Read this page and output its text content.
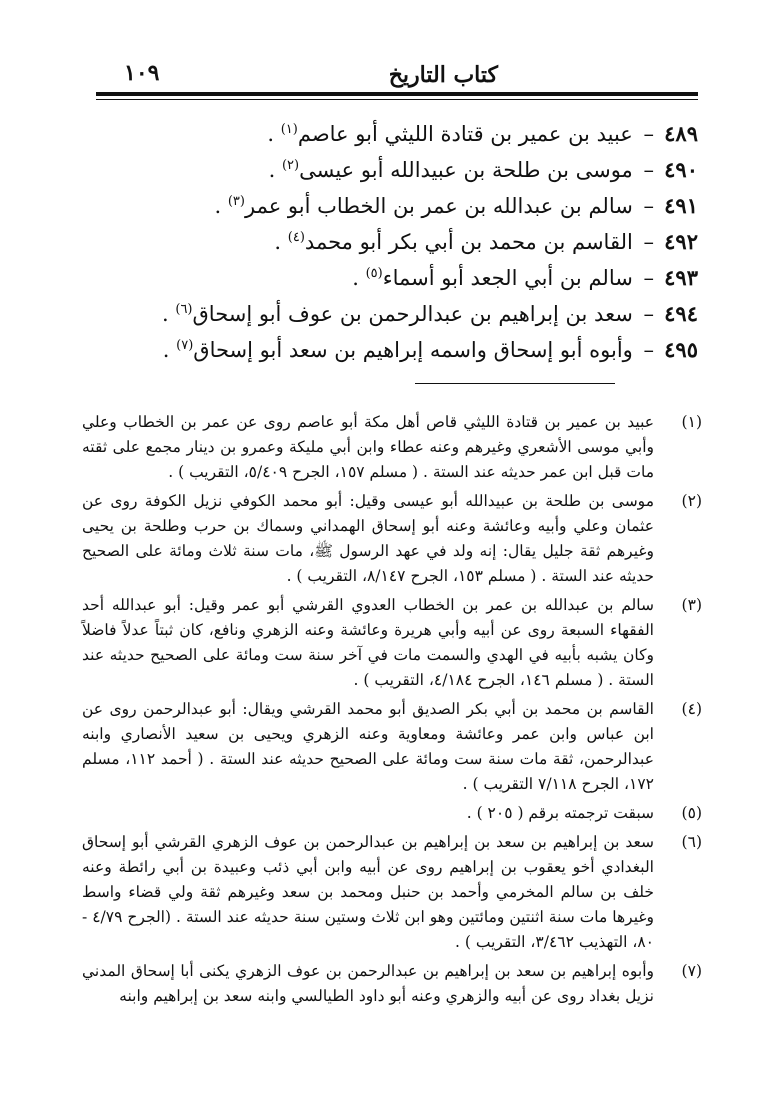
كتاب التاريخ
١٠٩
٤٨٩– عبيد بن عمير بن قتادة الليثي أبو عاصم$^{(١)}$ .
٤٩٠– موسى بن طلحة بن عبيدالله أبو عيسى$^{(٢)}$ .
٤٩١– سالم بن عبدالله بن عمر بن الخطاب أبو عمر$^{(٣)}$ .
٤٩٢– القاسم بن محمد بن أبي بكر أبو محمد$^{(٤)}$ .
٤٩٣– سالم بن أبي الجعد أبو أسماء$^{(٥)}$ .
٤٩٤– سعد بن إبراهيم بن عبدالرحمن بن عوف أبو إسحاق$^{(٦)}$ .
٤٩٥– وأبوه أبو إسحاق واسمه إبراهيم بن سعد أبو إسحاق$^{(٧)}$ .
(١)
عبيد بن عمير بن قتادة الليثي قاص أهل مكة أبو عاصم روى عن عمر بن الخطاب وعلي وأبي موسى الأشعري وغيرهم وعنه عطاء وابن أبي مليكة وعمرو بن دينار مجمع على ثقته مات قبل ابن عمر حديثه عند الستة . ( مسلم ١٥٧، الجرح ٥/٤٠٩، التقريب ) .
(٢)
موسى بن طلحة بن عبيدالله أبو عيسى وقيل: أبو محمد الكوفي نزيل الكوفة روى عن عثمان وعلي وأبيه وعائشة وعنه أبو إسحاق الهمداني وسماك بن حرب وطلحة بن يحيى وغيرهم ثقة جليل يقال: إنه ولد في عهد الرسول ﷺ، مات سنة ثلاث ومائة على الصحيح حديثه عند الستة . ( مسلم ١٥٣، الجرح ٨/١٤٧، التقريب ) .
(٣)
سالم بن عبدالله بن عمر بن الخطاب العدوي القرشي أبو عمر وقيل: أبو عبدالله أحد الفقهاء السبعة روى عن أبيه وأبي هريرة وعائشة وعنه الزهري ونافع، كان ثبتاً عدلاً فاضلاً وكان يشبه بأبيه في الهدي والسمت مات في آخر سنة ست ومائة على الصحيح حديثه عند الستة . ( مسلم ١٤٦، الجرح ٤/١٨٤، التقريب ) .
(٤)
القاسم بن محمد بن أبي بكر الصديق أبو محمد القرشي ويقال: أبو عبدالرحمن روى عن ابن عباس وابن عمر وعائشة ومعاوية وعنه الزهري ويحيى بن سعيد الأنصاري وابنه عبدالرحمن، ثقة مات سنة ست ومائة على الصحيح حديثه عند الستة . ( أحمد ١١٢، مسلم ١٧٢، الجرح ٧/١١٨ التقريب ) .
(٥)
سبقت ترجمته برقم ( ٢٠٥ ) .
(٦)
سعد بن إبراهيم بن سعد بن إبراهيم بن عبدالرحمن بن عوف الزهري القرشي أبو إسحاق البغدادي أخو يعقوب بن إبراهيم روى عن أبيه وابن أبي ذئب وعبيدة بن أبي رائطة وعنه خلف بن سالم المخرمي وأحمد بن حنبل ومحمد بن سعد وغيرهم ثقة ولي قضاء واسط وغيرها مات سنة اثنتين ومائتين وهو ابن ثلاث وستين سنة حديثه عند الستة . (الجرح ٤/٧٩ - ٨٠، التهذيب ٣/٤٦٢، التقريب ) .
(٧)
وأبوه إبراهيم بن سعد بن إبراهيم بن عبدالرحمن بن عوف الزهري يكنى أبا إسحاق المدني نزيل بغداد روى عن أبيه والزهري وعنه أبو داود الطيالسي وابنه سعد بن إبراهيم وابنه
